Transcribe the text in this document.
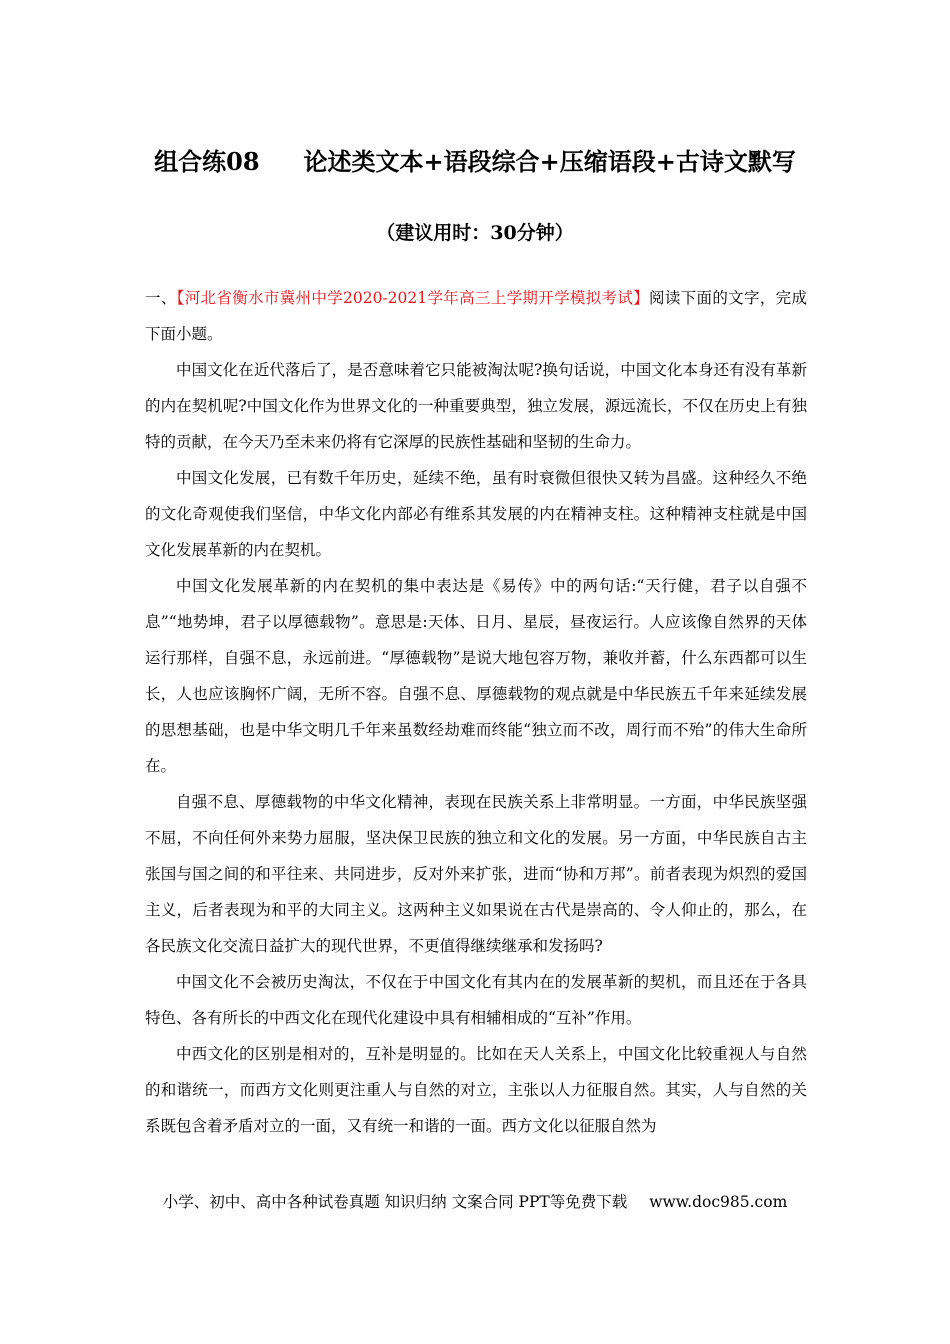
组合练08 论述类文本+语段综合+压缩语段+古诗文默写
（建议用时：30分钟）

一、【河北省衡水市冀州中学2020-2021学年高三上学期开学模拟考试】阅读下面的文字，完成下面小题。

中国文化在近代落后了，是否意味着它只能被淘汰呢?换句话说，中国文化本身还有没有革新的内在契机呢?中国文化作为世界文化的一种重要典型，独立发展，源远流长，不仅在历史上有独特的贡献，在今天乃至未来仍将有它深厚的民族性基础和坚韧的生命力。

中国文化发展，已有数千年历史，延续不绝，虽有时衰微但很快又转为昌盛。这种经久不绝的文化奇观使我们坚信，中华文化内部必有维系其发展的内在精神支柱。这种精神支柱就是中国文化发展革新的内在契机。

中国文化发展革新的内在契机的集中表达是《易传》中的两句话:“天行健，君子以自强不息”“地势坤，君子以厚德载物”。意思是:天体、日月、星辰，昼夜运行。人应该像自然界的天体运行那样，自强不息，永远前进。“厚德载物”是说大地包容万物，兼收并蓄，什么东西都可以生长，人也应该胸怀广阔，无所不容。自强不息、厚德载物的观点就是中华民族五千年来延续发展的思想基础，也是中华文明几千年来虽数经劫难而终能“独立而不改，周行而不殆”的伟大生命所在。

自强不息、厚德载物的中华文化精神，表现在民族关系上非常明显。一方面，中华民族坚强不屈，不向任何外来势力屈服，坚决保卫民族的独立和文化的发展。另一方面，中华民族自古主张国与国之间的和平往来、共同进步，反对外来扩张，进而“协和万邦”。前者表现为炽烈的爱国主义，后者表现为和平的大同主义。这两种主义如果说在古代是崇高的、令人仰止的，那么，在各民族文化交流日益扩大的现代世界，不更值得继续继承和发扬吗?

中国文化不会被历史淘汰，不仅在于中国文化有其内在的发展革新的契机，而且还在于各具特色、各有所长的中西文化在现代化建设中具有相辅相成的“互补”作用。

中西文化的区别是相对的，互补是明显的。比如在天人关系上，中国文化比较重视人与自然的和谐统一，而西方文化则更注重人与自然的对立，主张以人力征服自然。其实，人与自然的关系既包含着矛盾对立的一面，又有统一和谐的一面。西方文化以征服自然为

小学、初中、高中各种试卷真题 知识归纳 文案合同 PPT等免费下载 www.doc985.com
